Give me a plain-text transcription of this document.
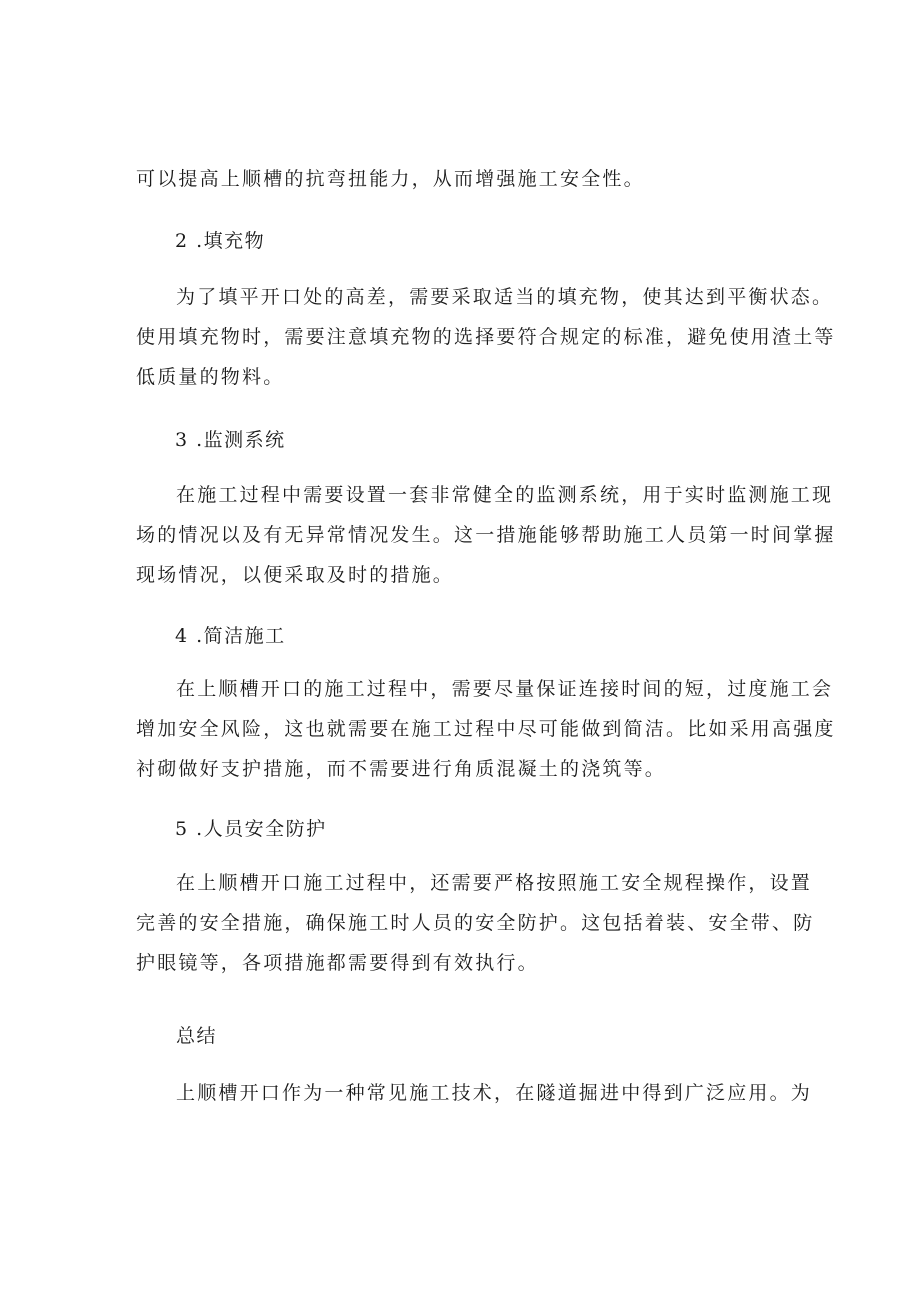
可以提高上顺槽的抗弯扭能力，从而增强施工安全性。
2 .填充物
为了填平开口处的高差，需要采取适当的填充物，使其达到平衡状态。
使用填充物时，需要注意填充物的选择要符合规定的标准，避免使用渣土等
低质量的物料。
3 .监测系统
在施工过程中需要设置一套非常健全的监测系统，用于实时监测施工现
场的情况以及有无异常情况发生。这一措施能够帮助施工人员第一时间掌握
现场情况，以便采取及时的措施。
4 .简洁施工
在上顺槽开口的施工过程中，需要尽量保证连接时间的短，过度施工会
增加安全风险，这也就需要在施工过程中尽可能做到简洁。比如采用高强度
衬砌做好支护措施，而不需要进行角质混凝土的浇筑等。
5 .人员安全防护
在上顺槽开口施工过程中，还需要严格按照施工安全规程操作，设置
完善的安全措施，确保施工时人员的安全防护。这包括着装、安全带、防
护眼镜等，各项措施都需要得到有效执行。
总结
上顺槽开口作为一种常见施工技术，在隧道掘进中得到广泛应用。为
